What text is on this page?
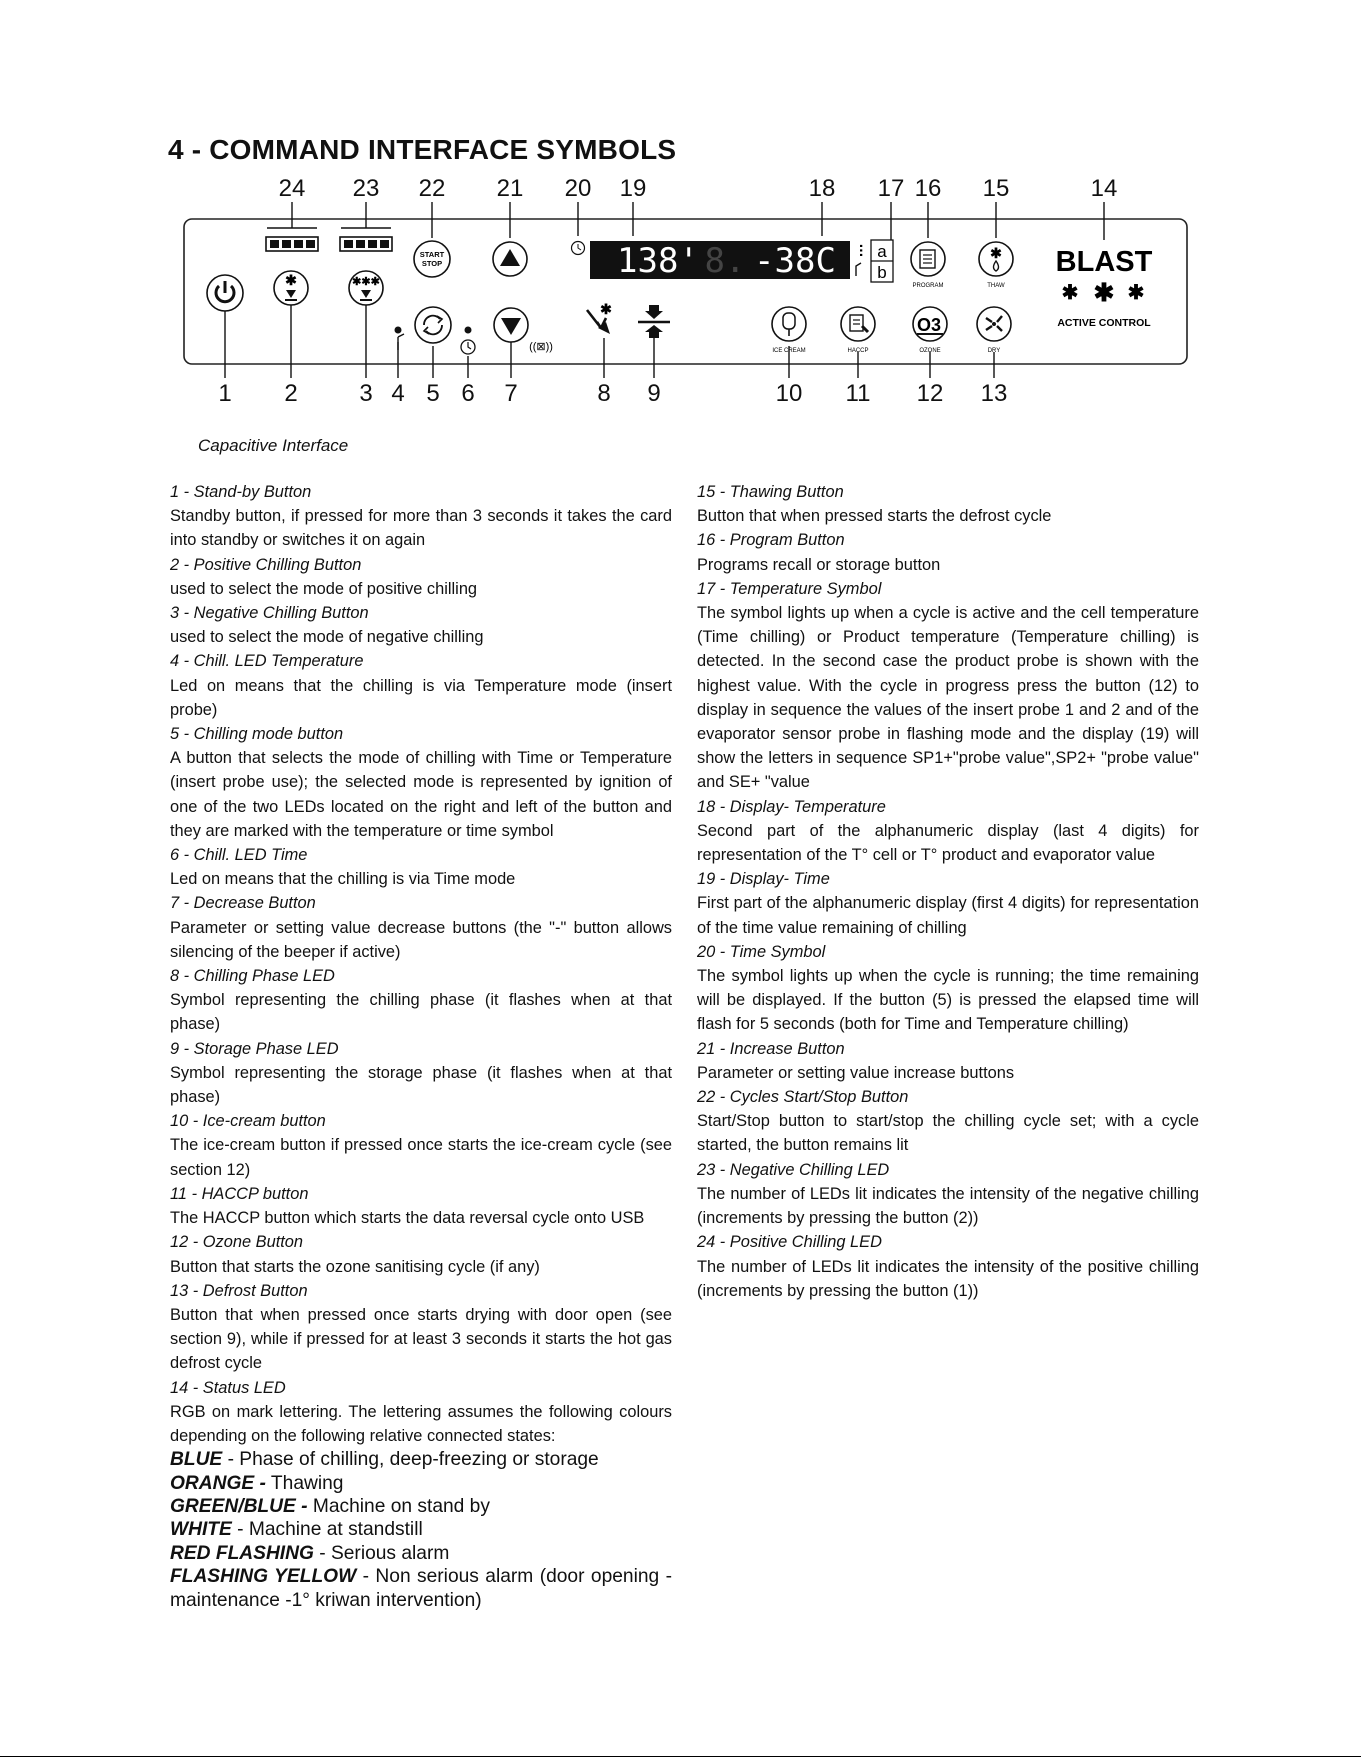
4 - COMMAND INTERFACE SYMBOLS
24 23 22 21 20 19	18 17 16 15	14
1 2	3 4 5 6 7	8 9	10 11 12 13
✱	✱✱✱
START
STOP
((⊠))
138' 8. -38C ⫶ a
b
PROGRAM
✱
THAW
✱
ICE CREAM	HACCP
O3
OZONE	DRY
BLAST
✱ ✱ ✱
ACTIVE CONTROL
Capacitive Interface
1 - Stand-by Button
Standby button, if pressed for more than 3 seconds it takes the card into standby or switches it on again
2 - Positive Chilling Button
used to select the mode of positive chilling
3 - Negative Chilling Button
used to select the mode of negative chilling
4 - Chill. LED Temperature
Led on means that the chilling is via Temperature mode (insert probe)
5 - Chilling mode button
A button that selects the mode of chilling with Time or Temperature (insert probe use); the selected mode is represented by ignition of one of the two LEDs located on the right and left of the button and they are marked with the temperature or time symbol
6 - Chill. LED Time
Led on means that the chilling is via Time mode
7 - Decrease Button
Parameter or setting value decrease buttons (the "-" button allows silencing of the beeper if active)
8 - Chilling Phase LED
Symbol representing the chilling phase (it flashes when at that phase)
9 - Storage Phase LED
Symbol representing the storage phase (it flashes when at that phase)
10 - Ice-cream button
The ice-cream button if pressed once starts the ice-cream cycle (see section 12)
11 - HACCP button
The HACCP button which starts the data reversal cycle onto USB
12 - Ozone Button
Button that starts the ozone sanitising cycle (if any)
13 - Defrost Button
Button that when pressed once starts drying with door open (see section 9), while if pressed for at least 3 seconds it starts the hot gas defrost cycle
14 - Status LED
RGB on mark lettering. The lettering assumes the following colours depending on the following relative connected states:
BLUE - Phase of chilling, deep-freezing or storage
ORANGE - Thawing
GREEN/BLUE - Machine on stand by
WHITE - Machine at standstill
RED FLASHING - Serious alarm
FLASHING YELLOW - Non serious alarm (door opening - maintenance -1° kriwan intervention)
15 - Thawing Button
Button that when pressed starts the defrost cycle
16 - Program Button
Programs recall or storage button
17 - Temperature Symbol
The symbol lights up when a cycle is active and the cell temperature (Time chilling) or Product temperature (Temperature chilling) is detected. In the second case the product probe is shown with the highest value. With the cycle in progress press the button (12) to display in sequence the values of the insert probe 1 and 2 and of the evaporator sensor probe in flashing mode and the display (19) will show the letters in sequence SP1+"probe value",SP2+ "probe value" and SE+ "value
18 - Display- Temperature
Second part of the alphanumeric display (last 4 digits) for representation of the T° cell or T° product and evaporator value
19 - Display- Time
First part of the alphanumeric display (first 4 digits) for representation of the time value remaining of chilling
20 - Time Symbol
The symbol lights up when the cycle is running; the time remaining will be displayed. If the button (5) is pressed the elapsed time will flash for 5 seconds (both for Time and Temperature chilling)
21 - Increase Button
Parameter or setting value increase buttons
22 - Cycles Start/Stop Button
Start/Stop button to start/stop the chilling cycle set; with a cycle started, the button remains lit
23 - Negative Chilling LED
The number of LEDs lit indicates the intensity of the negative chilling (increments by pressing the button (2))
24 - Positive Chilling LED
The number of LEDs lit indicates the intensity of the positive chilling (increments by pressing the button (1))
